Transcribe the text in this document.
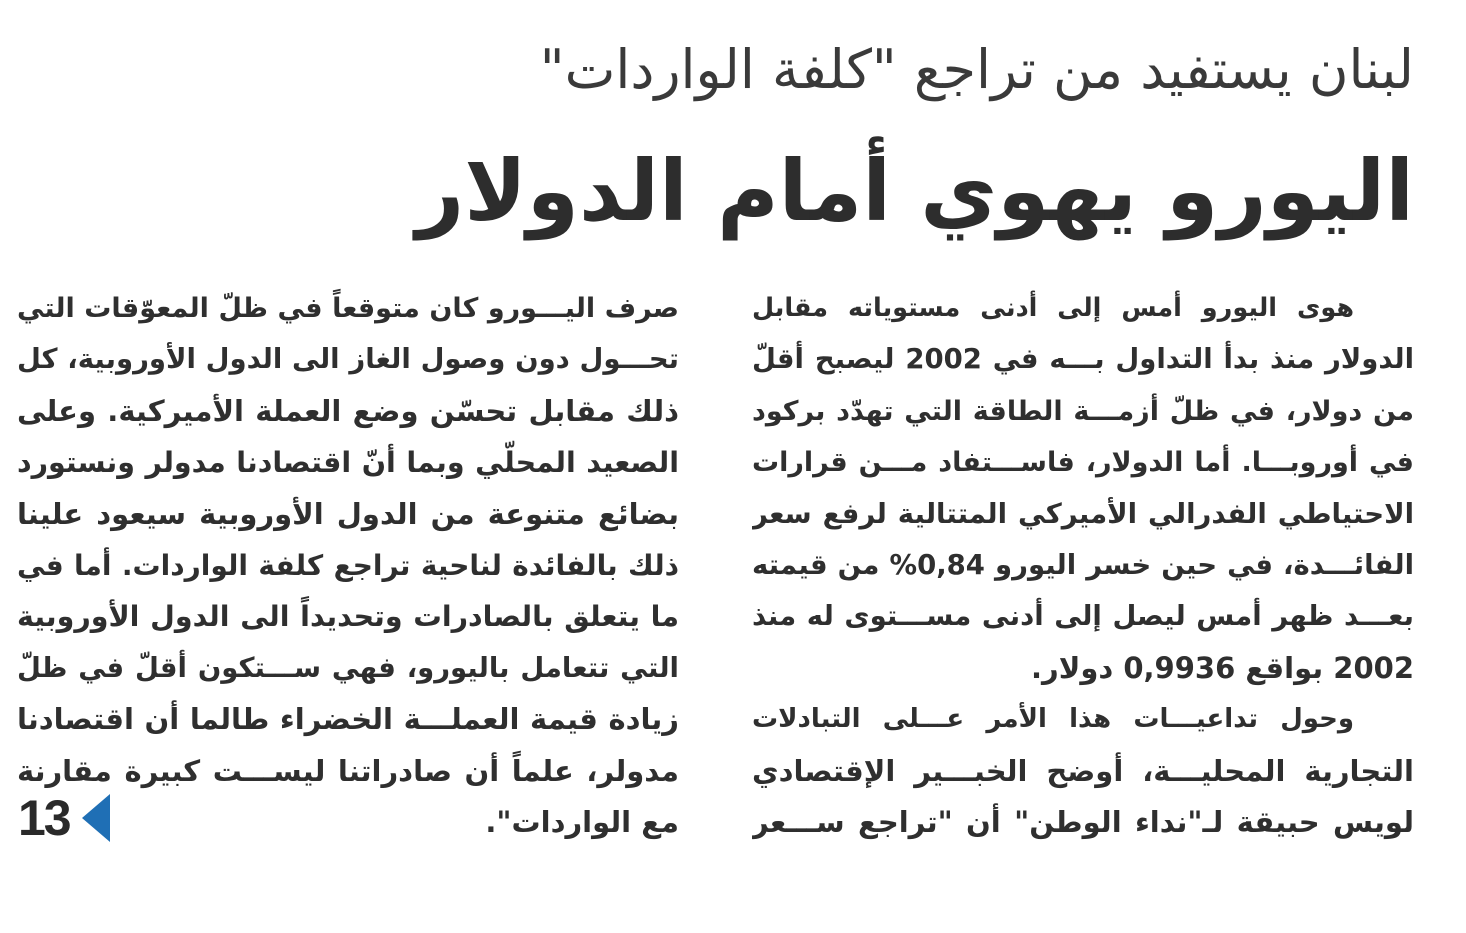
لبنان يستفيد من تراجع "كلفة الواردات"
اليورو يهوي أمام الدولار
هوى اليورو أمس إلى أدنى مستوياته مقابل
الدولار منذ بدأ التداول بـــه في 2002 ليصبح أقلّ
من دولار، في ظلّ أزمـــة الطاقة التي تهدّد بركود
في أوروبـــا. أما الدولار، فاســـتفاد مـــن قرارات
الاحتياطي الفدرالي الأميركي المتتالية لرفع سعر
الفائـــدة، في حين خسر اليورو 0,84% من قيمته
بعـــد ظهر أمس ليصل إلى أدنى مســـتوى له منذ
2002 بواقع 0,9936 دولار.
وحول تداعيـــات هذا الأمر عـــلى التبادلات
التجارية المحليـــة، أوضح الخبـــير الإقتصادي
لويس حبيقة لـ"نداء الوطن" أن "تراجع ســـعر
صرف اليـــورو كان متوقعاً في ظلّ المعوّقات التي
تحـــول دون وصول الغاز الى الدول الأوروبية، كل
ذلك مقابل تحسّن وضع العملة الأميركية. وعلى
الصعيد المحلّي وبما أنّ اقتصادنا مدولر ونستورد
بضائع متنوعة من الدول الأوروبية سيعود علينا
ذلك بالفائدة لناحية تراجع كلفة الواردات. أما في
ما يتعلق بالصادرات وتحديداً الى الدول الأوروبية
التي تتعامل باليورو، فهي ســـتكون أقلّ في ظلّ
زيادة قيمة العملـــة الخضراء طالما أن اقتصادنا
مدولر، علماً أن صادراتنا ليســـت كبيرة مقارنة
مع الواردات".
13
